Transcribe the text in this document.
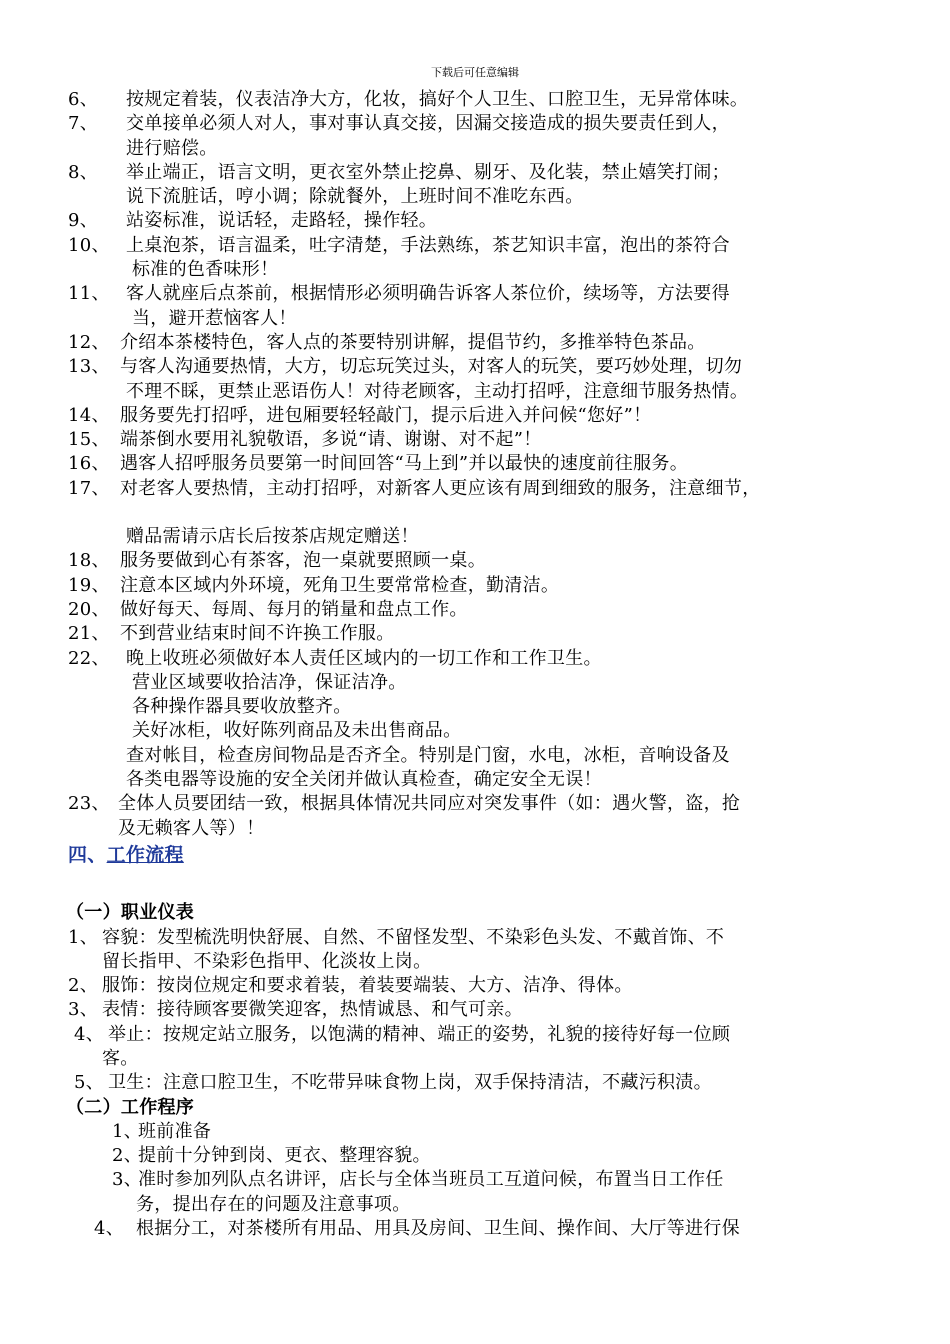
下载后可任意编辑
6、 按规定着装，仪表洁净大方，化妆，搞好个人卫生、口腔卫生，无异常体味。
7、 交单接单必须人对人，事对事认真交接，因漏交接造成的损失要责任到人，
进行赔偿。
8、 举止端正，语言文明，更衣室外禁止挖鼻、剔牙、及化装，禁止嬉笑打闹；
说下流脏话，哼小调；除就餐外，上班时间不准吃东西。
9、 站姿标准，说话轻，走路轻，操作轻。
10、 上桌泡茶，语言温柔，吐字清楚，手法熟练，茶艺知识丰富，泡出的茶符合
标准的色香味形！
11、 客人就座后点茶前，根据情形必须明确告诉客人茶位价，续场等，方法要得
当，避开惹恼客人！
12、 介绍本茶楼特色，客人点的茶要特别讲解，提倡节约，多推举特色茶品。
13、 与客人沟通要热情，大方，切忘玩笑过头，对客人的玩笑，要巧妙处理，切勿
不理不睬，更禁止恶语伤人！对待老顾客，主动打招呼，注意细节服务热情。
14、 服务要先打招呼，进包厢要轻轻敲门，提示后进入并问候“您好”！
15、 端茶倒水要用礼貌敬语，多说“请、谢谢、对不起”！
16、 遇客人招呼服务员要第一时间回答“马上到”并以最快的速度前往服务。
17、 对老客人要热情，主动打招呼，对新客人更应该有周到细致的服务，注意细节，
赠品需请示店长后按茶店规定赠送！
18、 服务要做到心有茶客，泡一桌就要照顾一桌。
19、 注意本区域内外环境，死角卫生要常常检查，勤清洁。
20、 做好每天、每周、每月的销量和盘点工作。
21、 不到营业结束时间不许换工作服。
22、 晚上收班必须做好本人责任区域内的一切工作和工作卫生。
营业区域要收拾洁净，保证洁净。
各种操作器具要收放整齐。
关好冰柜，收好陈列商品及未出售商品。
查对帐目，检查房间物品是否齐全。特别是门窗，水电，冰柜，音响设备及
各类电器等设施的安全关闭并做认真检查，确定安全无误！
23、 全体人员要团结一致，根据具体情况共同应对突发事件（如：遇火警，盗，抢
及无赖客人等）！
四、工作流程
（一）职业仪表
1、 容貌：发型梳洗明快舒展、自然、不留怪发型、不染彩色头发、不戴首饰、不
留长指甲、不染彩色指甲、化淡妆上岗。
2、 服饰：按岗位规定和要求着装，着装要端装、大方、洁净、得体。
3、 表情：接待顾客要微笑迎客，热情诚恳、和气可亲。
4、 举止：按规定站立服务，以饱满的精神、端正的姿势，礼貌的接待好每一位顾
客。
5、 卫生：注意口腔卫生，不吃带异味食物上岗，双手保持清洁，不藏污积渍。
（二）工作程序
1、班前准备
2、提前十分钟到岗、更衣、整理容貌。
3、准时参加列队点名讲评，店长与全体当班员工互道问候，布置当日工作任
务，提出存在的问题及注意事项。
4、 根据分工，对茶楼所有用品、用具及房间、卫生间、操作间、大厅等进行保
